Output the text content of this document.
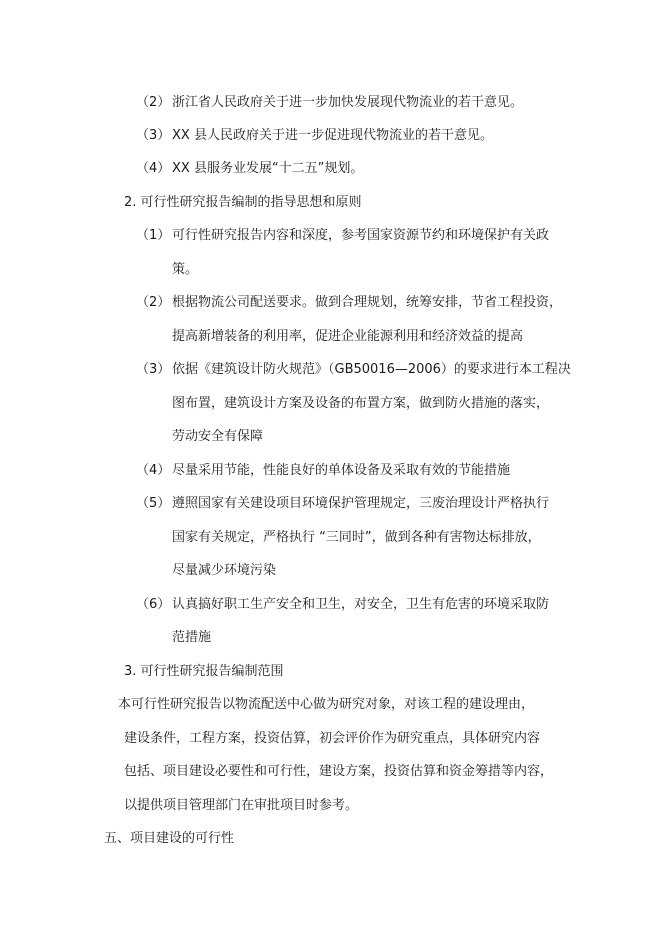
（2） 浙江省人民政府关于进一步加快发展现代物流业的若干意见。
（3） XX 县人民政府关于进一步促进现代物流业的若干意见。
（4） XX 县服务业发展“十二五”规划。
2. 可行性研究报告编制的指导思想和原则
（1） 可行性研究报告内容和深度，参考国家资源节约和环境保护有关政
策。
（2） 根据物流公司配送要求。做到合理规划，统筹安排，节省工程投资，
提高新增装备的利用率，促进企业能源利用和经济效益的提高
（3） 依据《建筑设计防火规范》（GB50016—2006）的要求进行本工程决
图布置，建筑设计方案及设备的布置方案，做到防火措施的落实，
劳动安全有保障
（4） 尽量采用节能，性能良好的单体设备及采取有效的节能措施
（5） 遵照国家有关建设项目环境保护管理规定，三废治理设计严格执行
国家有关规定，严格执行 “三同时”，做到各种有害物达标排放，
尽量减少环境污染
（6） 认真搞好职工生产安全和卫生，对安全，卫生有危害的环境采取防
范措施
3. 可行性研究报告编制范围
本可行性研究报告以物流配送中心做为研究对象，对该工程的建设理由，
建设条件，工程方案，投资估算，初会评价作为研究重点，具体研究内容
包括、项目建设必要性和可行性，建设方案，投资估算和资金筹措等内容，
以提供项目管理部门在审批项目时参考。
五、项目建设的可行性
